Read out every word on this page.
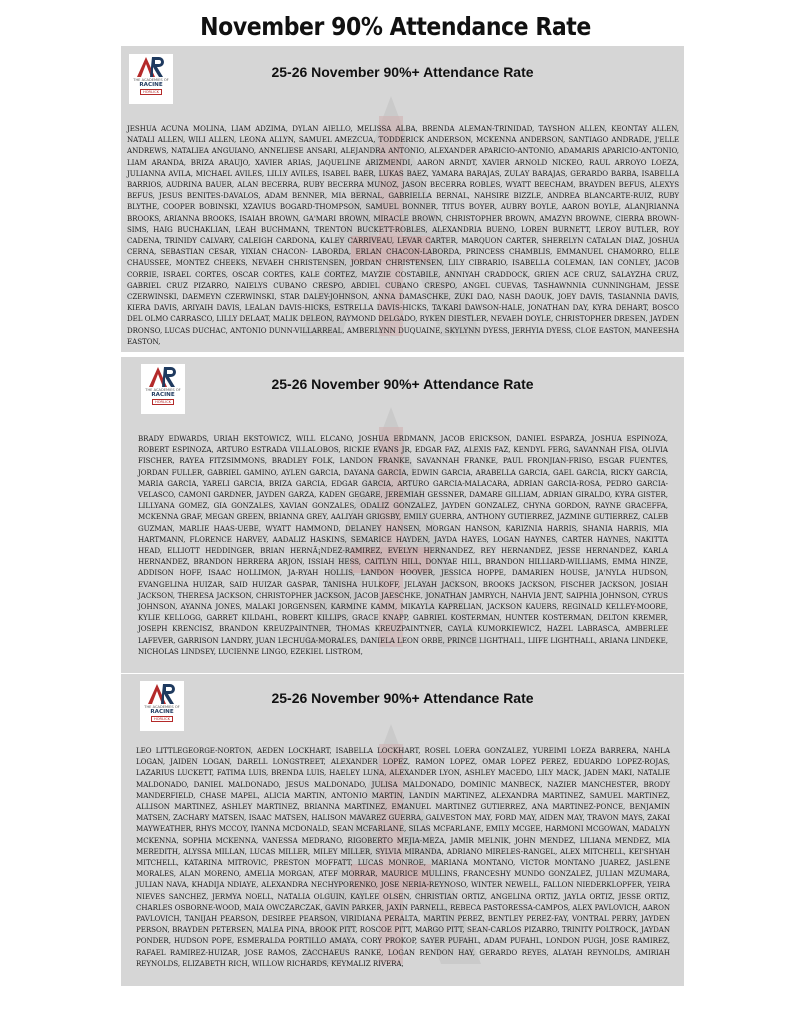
November 90% Attendance Rate
THE ACADEMIES OF
RACINE
HORLICK
25-26 November 90%+ Attendance Rate
JESHUA ACUNA MOLINA, LIAM ADZIMA, DYLAN AIELLO, MELISSA ALBA, BRENDA ALEMAN-TRINIDAD, TAYSHON ALLEN, KEONTAY ALLEN, NATALI ALLEN, WILI ALLEN, LEONA ALLYN, SAMUEL AMEZCUA, TODDERICK ANDERSON, MCKENNA ANDERSON, SANTIAGO ANDRADE, J'ELLE ANDREWS, NATALIEA ANGUIANO, ANNELIESE ANSARI, ALEJANDRA ANTONIO, ALEXANDER APARICIO-ANTONIO, ADAMARIS APARICIO-ANTONIO, LIAM ARANDA, BRIZA ARAUJO, XAVIER ARIAS, JAQUELINE ARIZMENDI, AARON ARNDT, XAVIER ARNOLD NICKEO, RAUL ARROYO LOEZA, JULIANNA AVILA, MICHAEL AVILES, LILLY AVILES, ISABEL BAER, LUKAS BAEZ, YAMARA BARAJAS, ZULAY BARAJAS, GERARDO BARBA, ISABELLA BARRIOS, AUDRINA BAUER, ALAN BECERRA, RUBY BECERRA MUNOZ, JASON BECERRA ROBLES, WYATT BEECHAM, BRAYDEN BEFUS, ALEXYS BEFUS, JESUS BENITES-DAVALOS, ADAM BENNER, MIA BERNAL, GABRIELLA BERNAL, NAHSIRE BIZZLE, ANDREA BLANCARTE-RUIZ, RUBY BLYTHE, COOPER BOBINSKI, XZAVIUS BOGARD-THOMPSON, SAMUEL BONNER, TITUS BOYER, AUBRY BOYLE, AARON BOYLE, ALANJRIANNA BROOKS, ARIANNA BROOKS, ISAIAH BROWN, GA'MARI BROWN, MIRACLE BROWN, CHRISTOPHER BROWN, AMAZYN BROWNE, CIERRA BROWN-SIMS, HAIG BUCHAKLIAN, LEAH BUCHMANN, TRENTON BUCKETT-ROBLES, ALEXANDRIA BUENO, LOREN BURNETT, LEROY BUTLER, ROY CADENA, TRINIDY CALVARY, CALEIGH CARDONA, KALEY CARRIVEAU, LEVAR CARTER, MARQUON CARTER, SHERELYN CATALAN DIAZ, JOSHUA CERNA, SEBASTIAN CESAR, YIXIAN CHACON- LABORDA, ERLAN CHACON-LABORDA, PRINCESS CHAMBLIS, EMMANUEL CHAMORRO, ELLE CHAUSSEE, MONTEZ CHEEKS, NEVAEH CHRISTENSEN, JORDAN CHRISTENSEN, LILY CIBRARIO, ISABELLA COLEMAN, IAN CONLEY, JACOB CORRIE, ISRAEL CORTES, OSCAR CORTES, KALE CORTEZ, MAYZIE COSTABILE, ANNIYAH CRADDOCK, GRIEN ACE CRUZ, SALAYZHA CRUZ, GABRIEL CRUZ PIZARRO, NAIELYS CUBANO CRESPO, ABDIEL CUBANO CRESPO, ANGEL CUEVAS, TASHAWNNIA CUNNINGHAM, JESSE CZERWINSKI, DAEMEYN CZERWINSKI, STAR DALEY-JOHNSON, ANNA DAMASCHKE, ZUKI DAO, NASH DAOUK, JOEY DAVIS, TASIANNIA DAVIS, KIERA DAVIS, ARIYAIH DAVIS, LEALAN DAVIS-HICKS, ESTRELLA DAVIS-HICKS, TA'KARI DAWSON-HALE, JONATHAN DAY, KYRA DEHART, BOSCO DEL OLMO CARRASCO, LILLY DELAAT, MALIK DELEON, RAYMOND DELGADO, RYKEN DIESTLER, NEVAEH DOYLE, CHRISTOPHER DRESEN, JAYDEN DRONSO, LUCAS DUCHAC, ANTONIO DUNN-VILLARREAL, AMBERLYNN DUQUAINE, SKYLYNN DYESS, JERHYIA DYESS, CLOE EASTON, MANEESHA EASTON,
THE ACADEMIES OF
RACINE
HORLICK
25-26 November 90%+ Attendance Rate
BRADY EDWARDS, URIAH EKSTOWICZ, WILL ELCANO, JOSHUA ERDMANN, JACOB ERICKSON, DANIEL ESPARZA, JOSHUA ESPINOZA, ROBERT ESPINOZA, ARTURO ESTRADA VILLALOBOS, RICKIE EVANS JR, EDGAR FAZ, ALEXIS FAZ, KENDYL FERG, SAVANNAH FISA, OLIVIA FISCHER, RAYEA FITZSIMMONS, BRADLEY FOLK, LANDON FRANKE, SAVANNAH FRANKE, PAUL FRONJIAN-FRISO, ESGAR FUENTES, JORDAN FULLER, GABRIEL GAMINO, AYLEN GARCIA, DAYANA GARCIA, EDWIN GARCIA, ARABELLA GARCIA, GAEL GARCIA, RICKY GARCIA, MARIA GARCIA, YARELI GARCIA, BRIZA GARCIA, EDGAR GARCIA, ARTURO GARCIA-MALACARA, ADRIAN GARCIA-ROSA, PEDRO GARCIA-VELASCO, CAMONI GARDNER, JAYDEN GARZA, KADEN GEGARE, JEREMIAH GESSNER, DAMARE GILLIAM, ADRIAN GIRALDO, KYRA GISTER, LILLYANA GOMEZ, GIA GONZALES, XAVIAN GONZALES, ODALIZ GONZALEZ, JAYDEN GONZALEZ, CHYNA GORDON, RAYNE GRACEFFA, MCKENNA GRAF, MEGAN GREEN, BRIANNA GREY, AALIYAH GRIGSBY, EMILY GUERRA, ANTHONY GUTIERREZ, JAZMINE GUTIERREZ, CALEB GUZMAN, MARLIE HAAS-UEBE, WYATT HAMMOND, DELANEY HANSEN, MORGAN HANSON, KARIZNIA HARRIS, SHANIA HARRIS, MIA HARTMANN, FLORENCE HARVEY, AADALIZ HASKINS, SEMARICE HAYDEN, JAYDA HAYES, LOGAN HAYNES, CARTER HAYNES, NAKITTA HEAD, ELLIOTT HEDDINGER, BRIAN HERNÃ¡NDEZ-RAMIREZ, EVELYN HERNANDEZ, REY HERNANDEZ, JESSE HERNANDEZ, KARLA HERNANDEZ, BRANDON HERRERA ARJON, ISSIAH HESS, CAITLYN HILL, DONYAE HILL, BRANDON HILLIARD-WILLIAMS, EMMA HINZE, ADDISON HOFF, ISAAC HOLLIMON, JA-RYAH HOLLIS, LANDON HOOVER, JESSICA HOPPE, DAMARIEN HOUSE, JA'NYLA HUDSON, EVANGELINA HUIZAR, SAID HUIZAR GASPAR, TANISHA HULKOFF, JELAYAH JACKSON, BROOKS JACKSON, FISCHER JACKSON, JOSIAH JACKSON, THERESA JACKSON, CHRISTOPHER JACKSON, JACOB JAESCHKE, JONATHAN JAMRYCH, NAHVIA JENT, SAIPHIA JOHNSON, CYRUS JOHNSON, AYANNA JONES, MALAKI JORGENSEN, KARMINE KAMM, MIKAYLA KAPRELIAN, JACKSON KAUERS, REGINALD KELLEY-MOORE, KYLIE KELLOGG, GARRET KILDAHL, ROBERT KILLIPS, GRACE KNAPP, GABRIEL KOSTERMAN, HUNTER KOSTERMAN, DELTON KREMER, JOSEPH KRENCISZ, BRANDON KREUZPAINTNER, THOMAS KREUZPAINTNER, CAYLA KUMORKIEWICZ, HAZEL LABRASCA, AMBERLEE LAFEVER, GARRISON LANDRY, JUAN LECHUGA-MORALES, DANIELA LEON ORBE, PRINCE LIGHTHALL, LIIFE LIGHTHALL, ARIANA LINDEKE, NICHOLAS LINDSEY, LUCIENNE LINGO, EZEKIEL LISTROM,
THE ACADEMIES OF
RACINE
HORLICK
25-26 November 90%+ Attendance Rate
LEO LITTLEGEORGE-NORTON, AEDEN LOCKHART, ISABELLA LOCKHART, ROSEL LOERA GONZALEZ, YUREIMI LOEZA BARRERA, NAHLA LOGAN, JAIDEN LOGAN, DARELL LONGSTREET, ALEXANDER LOPEZ, RAMON LOPEZ, OMAR LOPEZ PEREZ, EDUARDO LOPEZ-ROJAS, LAZARIUS LUCKETT, FATIMA LUIS, BRENDA LUIS, HAELEY LUNA, ALEXANDER LYON, ASHLEY MACEDO, LILY MACK, JADEN MAKI, NATALIE MALDONADO, DANIEL MALDONADO, JESUS MALDONADO, JULISA MALDONADO, DOMINIC MANBECK, NAZIER MANCHESTER, BRODY MANDERFIELD, CHASE MAPEL, ALICIA MARTIN, ANTONIO MARTIN, LANDIN MARTINEZ, ALEXANDRA MARTINEZ, SAMUEL MARTINEZ, ALLISON MARTINEZ, ASHLEY MARTINEZ, BRIANNA MARTINEZ, EMANUEL MARTINEZ GUTIERREZ, ANA MARTINEZ-PONCE, BENJAMIN MATSEN, ZACHARY MATSEN, ISAAC MATSEN, HALISON MAVAREZ GUERRA, GALVESTON MAY, FORD MAY, AIDEN MAY, TRAVON MAYS, ZAKAI MAYWEATHER, RHYS MCCOY, IYANNA MCDONALD, SEAN MCFARLANE, SILAS MCFARLANE, EMILY MCGEE, HARMONI MCGOWAN, MADALYN MCKENNA, SOPHIA MCKENNA, VANESSA MEDRANO, RIGOBERTO MEJIA-MEZA, JAMIR MELNIK, JOHN MENDEZ, LILIANA MENDEZ, MIA MEREDITH, ALYSSA MILLAN, LUCAS MILLER, MILEY MILLER, SYLVIA MIRANDA, ADRIANO MIRELES-RANGEL, ALEX MITCHELL, KEI'SHYAH MITCHELL, KATARINA MITROVIC, PRESTON MOFFATT, LUCAS MONROE, MARIANA MONTANO, VICTOR MONTANO JUAREZ, JASLENE MORALES, ALAN MORENO, AMELIA MORGAN, ATEF MORRAR, MAURICE MULLINS, FRANCESHY MUNDO GONZALEZ, JULIAN MZUMARA, JULIAN NAVA, KHADIJA NDIAYE, ALEXANDRA NECHYPORENKO, JOSE NERIA-REYNOSO, WINTER NEWELL, FALLON NIEDERKLOPFER, YEIRA NIEVES SANCHEZ, JERMYA NOELL, NATALIA OLGUIN, KAYLEE OLSEN, CHRISTIAN ORTIZ, ANGELINA ORTIZ, JAYLA ORTIZ, JESSE ORTIZ, CHARLES OSBORNE-WOOD, MAIA OWCZARCZAK, GAVIN PARKER, JAXIN PARNELL, REBECA PASTORESSA-CAMPOS, ALEX PAVLOVICH, AARON PAVLOVICH, TANIJAH PEARSON, DESIREE PEARSON, VIRIDIANA PERALTA, MARTIN PEREZ, BENTLEY PEREZ-FAY, VONTRAL PERRY, JAYDEN PERSON, BRAYDEN PETERSEN, MALEA PINA, BROOK PITT, ROSCOE PITT, MARGO PITT, SEAN-CARLOS PIZARRO, TRINITY POLTROCK, JAYDAN PONDER, HUDSON POPE, ESMERALDA PORTILLO AMAYA, CORY PROKOP, SAYER PUFAHL, ADAM PUFAHL, LONDON PUGH, JOSE RAMIREZ, RAFAEL RAMIREZ-HUIZAR, JOSE RAMOS, ZACCHAEUS RANKE, LOGAN RENDON HAY, GERARDO REYES, ALAYAH REYNOLDS, AMIRIAH REYNOLDS, ELIZABETH RICH, WILLOW RICHARDS, KEYMALIZ RIVERA,
